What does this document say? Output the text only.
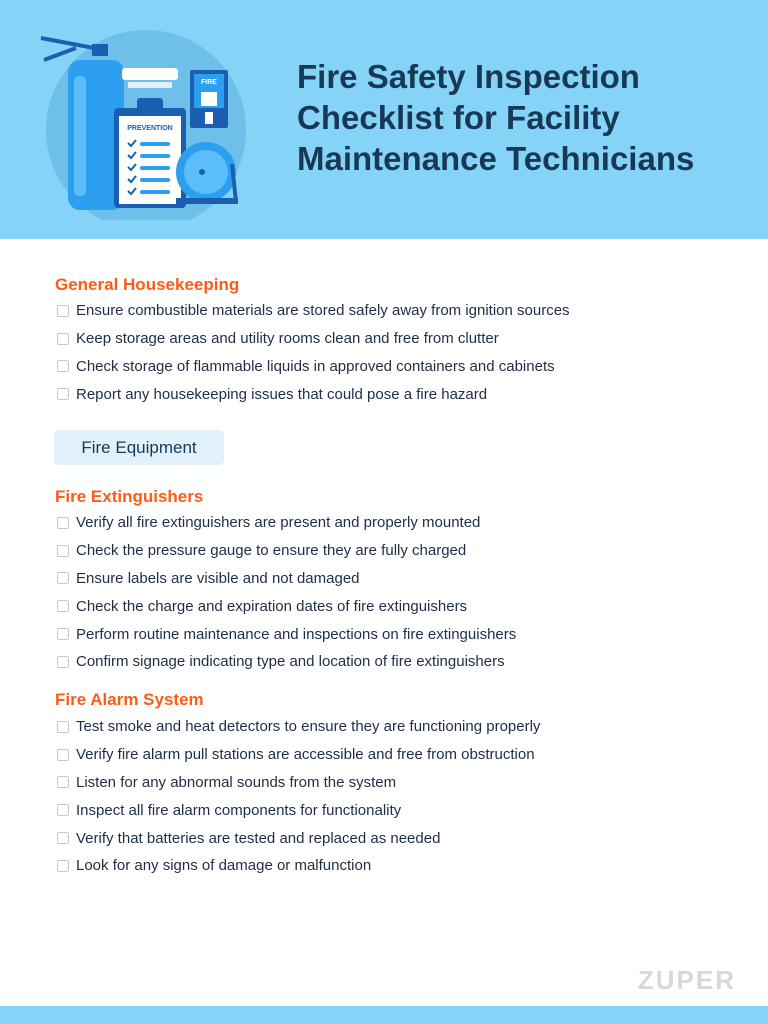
FIRE
PREVENTION
Fire Safety Inspection Checklist for Facility Maintenance Technicians
General Housekeeping
Ensure combustible materials are stored safely away from ignition sources
Keep storage areas and utility rooms clean and free from clutter
Check storage of flammable liquids in approved containers and cabinets
Report any housekeeping issues that could pose a fire hazard
Fire Equipment
Fire Extinguishers
Verify all fire extinguishers are present and properly mounted
Check the pressure gauge to ensure they are fully charged
Ensure labels are visible and not damaged
Check the charge and expiration dates of fire extinguishers
Perform routine maintenance and inspections on fire extinguishers
Confirm signage indicating type and location of fire extinguishers
Fire Alarm System
Test smoke and heat detectors to ensure they are functioning properly
Verify fire alarm pull stations are accessible and free from obstruction
Listen for any abnormal sounds from the system
Inspect all fire alarm components for functionality
Verify that batteries are tested and replaced as needed
Look for any signs of damage or malfunction
ZUPER
